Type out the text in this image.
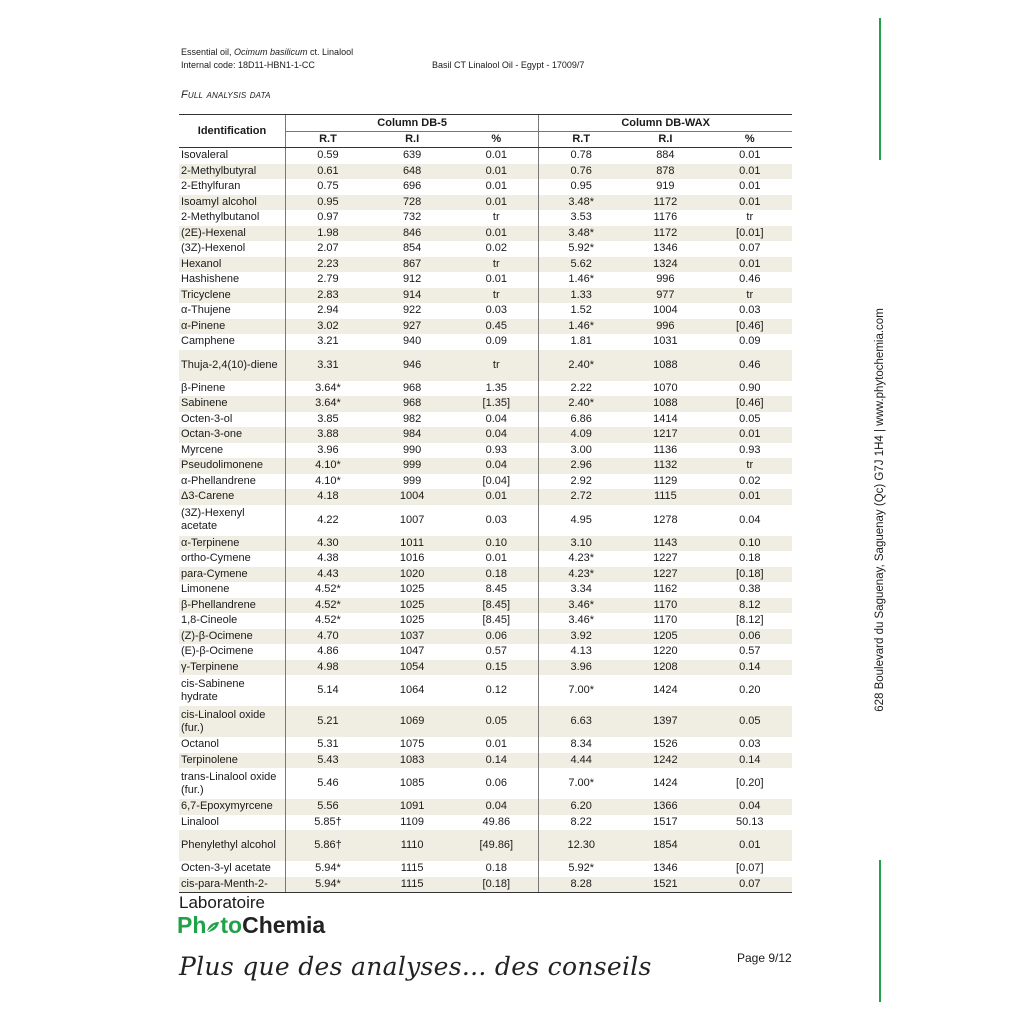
Essential oil, Ocimum basilicum ct. Linalool
Internal code: 18D11-HBN1-1-CC	Basil CT Linalool Oil - Egypt - 17009/7
Full analysis data
Identification	Column DB-5			Column DB-WAX		
	R.T	R.I	%	R.T	R.I	%
Isovaleral	0.59	639	0.01	0.78	884	0.01
2-Methylbutyral	0.61	648	0.01	0.76	878	0.01
2-Ethylfuran	0.75	696	0.01	0.95	919	0.01
Isoamyl alcohol	0.95	728	0.01	3.48*	1172	0.01
2-Methylbutanol	0.97	732	tr	3.53	1176	tr
(2E)-Hexenal	1.98	846	0.01	3.48*	1172	[0.01]
(3Z)-Hexenol	2.07	854	0.02	5.92*	1346	0.07
Hexanol	2.23	867	tr	5.62	1324	0.01
Hashishene	2.79	912	0.01	1.46*	996	0.46
Tricyclene	2.83	914	tr	1.33	977	tr
α-Thujene	2.94	922	0.03	1.52	1004	0.03
α-Pinene	3.02	927	0.45	1.46*	996	[0.46]
Camphene	3.21	940	0.09	1.81	1031	0.09
Thuja-2,4(10)-diene	3.31	946	tr	2.40*	1088	0.46
β-Pinene	3.64*	968	1.35	2.22	1070	0.90
Sabinene	3.64*	968	[1.35]	2.40*	1088	[0.46]
Octen-3-ol	3.85	982	0.04	6.86	1414	0.05
Octan-3-one	3.88	984	0.04	4.09	1217	0.01
Myrcene	3.96	990	0.93	3.00	1136	0.93
Pseudolimonene	4.10*	999	0.04	2.96	1132	tr
α-Phellandrene	4.10*	999	[0.04]	2.92	1129	0.02
Δ3-Carene	4.18	1004	0.01	2.72	1115	0.01
(3Z)-Hexenyl acetate	4.22	1007	0.03	4.95	1278	0.04
α-Terpinene	4.30	1011	0.10	3.10	1143	0.10
ortho-Cymene	4.38	1016	0.01	4.23*	1227	0.18
para-Cymene	4.43	1020	0.18	4.23*	1227	[0.18]
Limonene	4.52*	1025	8.45	3.34	1162	0.38
β-Phellandrene	4.52*	1025	[8.45]	3.46*	1170	8.12
1,8-Cineole	4.52*	1025	[8.45]	3.46*	1170	[8.12]
(Z)-β-Ocimene	4.70	1037	0.06	3.92	1205	0.06
(E)-β-Ocimene	4.86	1047	0.57	4.13	1220	0.57
γ-Terpinene	4.98	1054	0.15	3.96	1208	0.14
cis-Sabinene hydrate	5.14	1064	0.12	7.00*	1424	0.20
cis-Linalool oxide (fur.)	5.21	1069	0.05	6.63	1397	0.05
Octanol	5.31	1075	0.01	8.34	1526	0.03
Terpinolene	5.43	1083	0.14	4.44	1242	0.14
trans-Linalool oxide (fur.)	5.46	1085	0.06	7.00*	1424	[0.20]
6,7-Epoxymyrcene	5.56	1091	0.04	6.20	1366	0.04
Linalool	5.85†	1109	49.86	8.22	1517	50.13
Phenylethyl alcohol	5.86†	1110	[49.86]	12.30	1854	0.01
Octen-3-yl acetate	5.94*	1115	0.18	5.92*	1346	[0.07]
cis-para-Menth-2-	5.94*	1115	[0.18]	8.28	1521	0.07
628 Boulevard du Saguenay, Saguenay (Qc) G7J 1H4 | www.phytochemia.com
Laboratoire
Ph toChemia
Page 9/12
Plus que des analyses... des conseils
